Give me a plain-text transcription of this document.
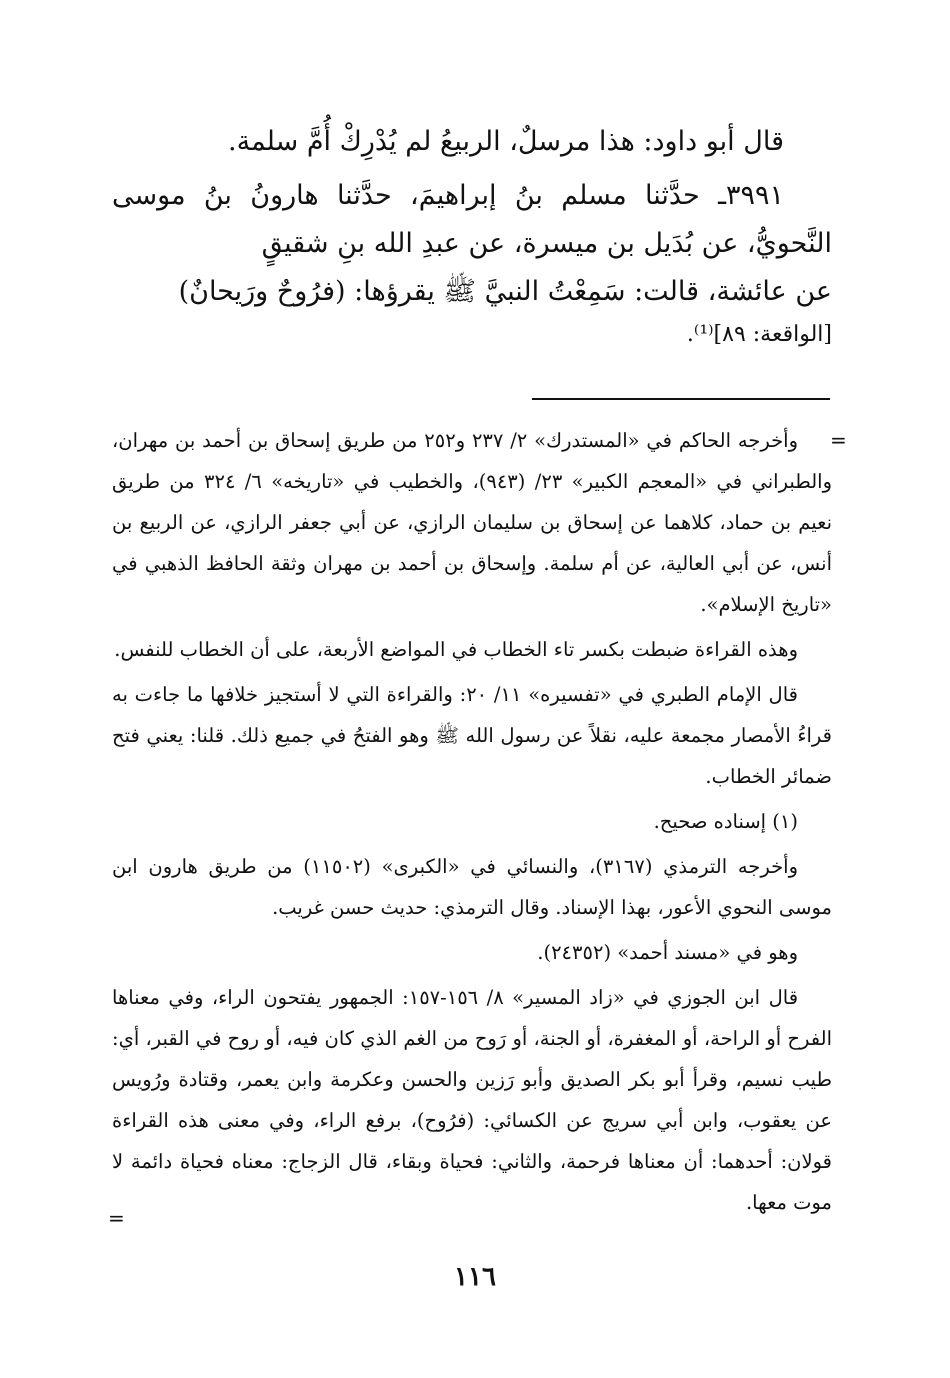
قال أبو داود: هذا مرسلٌ، الربيعُ لم يُدْرِكْ أُمَّ سلمة.

٣٩٩١ـ حدَّثنا مسلم بنُ إبراهيمَ، حدَّثنا هارونُ بنُ موسى النَّحويُّ، عن بُدَيل بن ميسرة، عن عبدِ الله بنِ شقيقٍ

عن عائشة، قالت: سَمِعْتُ النبيَّ ﷺ يقرؤها: (فرُوحٌ ورَيحانٌ)

[الواقعة: ٨٩]⁽¹⁾.

=

وأخرجه الحاكم في «المستدرك» ٢/ ٢٣٧ و٢٥٢ من طريق إسحاق بن أحمد بن مهران، والطبراني في «المعجم الكبير» ٢٣/ (٩٤٣)، والخطيب في «تاريخه» ٦/ ٣٢٤ من طريق نعيم بن حماد، كلاهما عن إسحاق بن سليمان الرازي، عن أبي جعفر الرازي، عن الربيع بن أنس، عن أبي العالية، عن أم سلمة. وإسحاق بن أحمد بن مهران وثقة الحافظ الذهبي في «تاريخ الإسلام».

وهذه القراءة ضبطت بكسر تاء الخطاب في المواضع الأربعة، على أن الخطاب للنفس.

قال الإمام الطبري في «تفسيره» ١١/ ٢٠: والقراءة التي لا أستجيز خلافها ما جاءت به قراءُ الأمصار مجمعة عليه، نقلاً عن رسول الله ﷺ وهو الفتحُ في جميع ذلك. قلنا: يعني فتح ضمائر الخطاب.

(١) إسناده صحيح.

وأخرجه الترمذي (٣١٦٧)، والنسائي في «الكبرى» (١١٥٠٢) من طريق هارون ابن موسى النحوي الأعور، بهذا الإسناد. وقال الترمذي: حديث حسن غريب.

وهو في «مسند أحمد» (٢٤٣٥٢).

قال ابن الجوزي في «زاد المسير» ٨/ ١٥٦-١٥٧: الجمهور يفتحون الراء، وفي معناها الفرح أو الراحة، أو المغفرة، أو الجنة، أو رَوح من الغم الذي كان فيه، أو روح في القبر، أي: طيب نسيم، وقرأ أبو بكر الصديق وأبو رَزين والحسن وعكرمة وابن يعمر، وقتادة ورُويس عن يعقوب، وابن أبي سريج عن الكسائي: (فرُوح)، برفع الراء، وفي معنى هذه القراءة قولان: أحدهما: أن معناها فرحمة، والثاني: فحياة وبقاء، قال الزجاج: معناه فحياة دائمة لا موت معها.

=
١١٦
